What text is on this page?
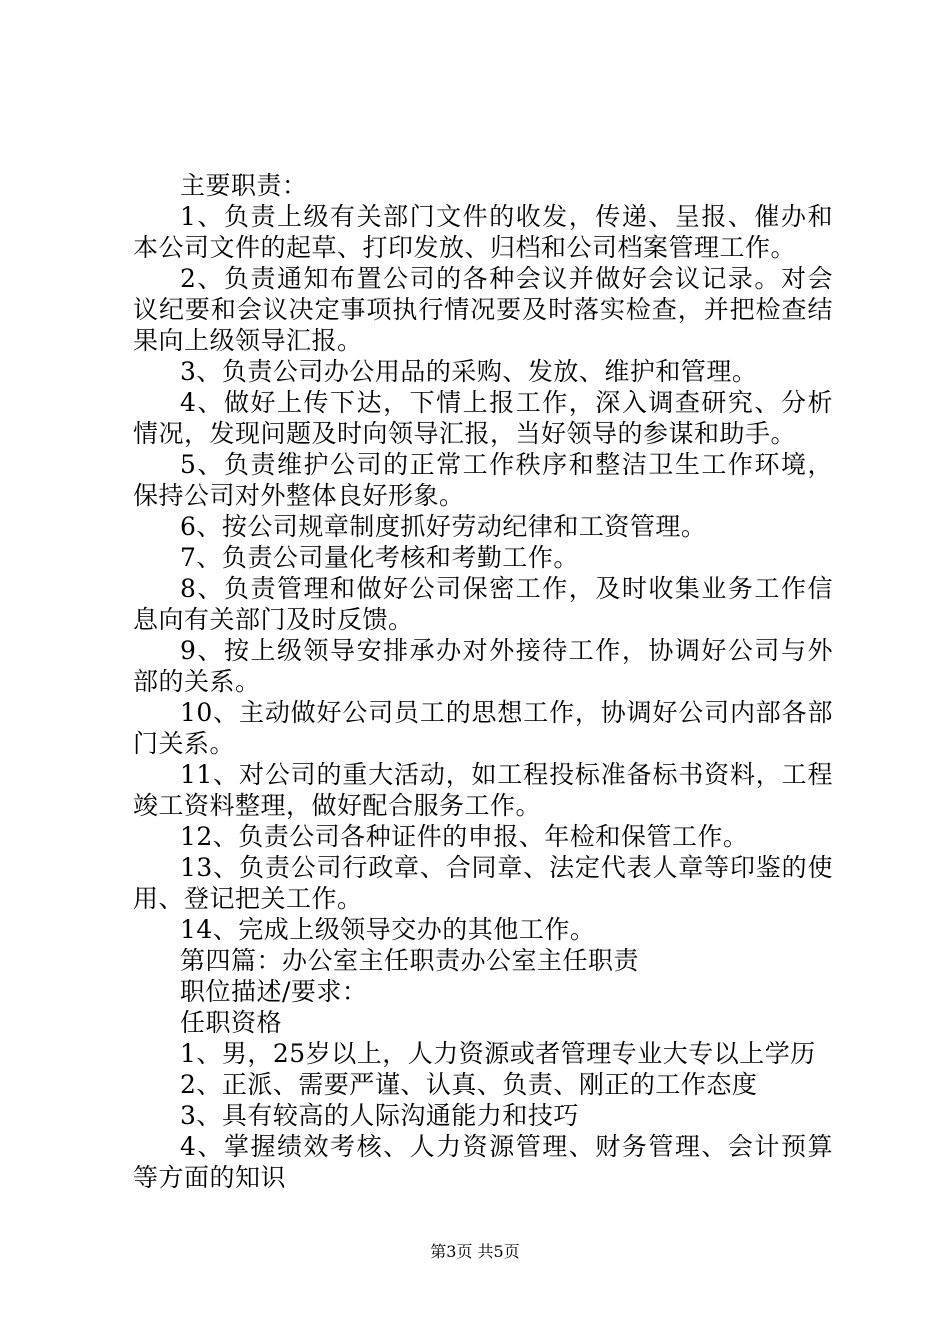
主要职责：

1、负责上级有关部门文件的收发，传递、呈报、催办和本公司文件的起草、打印发放、归档和公司档案管理工作。

2、负责通知布置公司的各种会议并做好会议记录。对会议纪要和会议决定事项执行情况要及时落实检查，并把检查结果向上级领导汇报。

3、负责公司办公用品的采购、发放、维护和管理。

4、做好上传下达，下情上报工作，深入调查研究、分析情况，发现问题及时向领导汇报，当好领导的参谋和助手。

5、负责维护公司的正常工作秩序和整洁卫生工作环境，保持公司对外整体良好形象。

6、按公司规章制度抓好劳动纪律和工资管理。

7、负责公司量化考核和考勤工作。

8、负责管理和做好公司保密工作，及时收集业务工作信息向有关部门及时反馈。

9、按上级领导安排承办对外接待工作，协调好公司与外部的关系。

10、主动做好公司员工的思想工作，协调好公司内部各部门关系。

11、对公司的重大活动，如工程投标准备标书资料，工程竣工资料整理，做好配合服务工作。

12、负责公司各种证件的申报、年检和保管工作。

13、负责公司行政章、合同章、法定代表人章等印鉴的使用、登记把关工作。

14、完成上级领导交办的其他工作。

第四篇：办公室主任职责办公室主任职责

职位描述/要求：

任职资格

1、男，25岁以上，人力资源或者管理专业大专以上学历

2、正派、需要严谨、认真、负责、刚正的工作态度

3、具有较高的人际沟通能力和技巧

4、掌握绩效考核、人力资源管理、财务管理、会计预算等方面的知识

第3页 共5页
